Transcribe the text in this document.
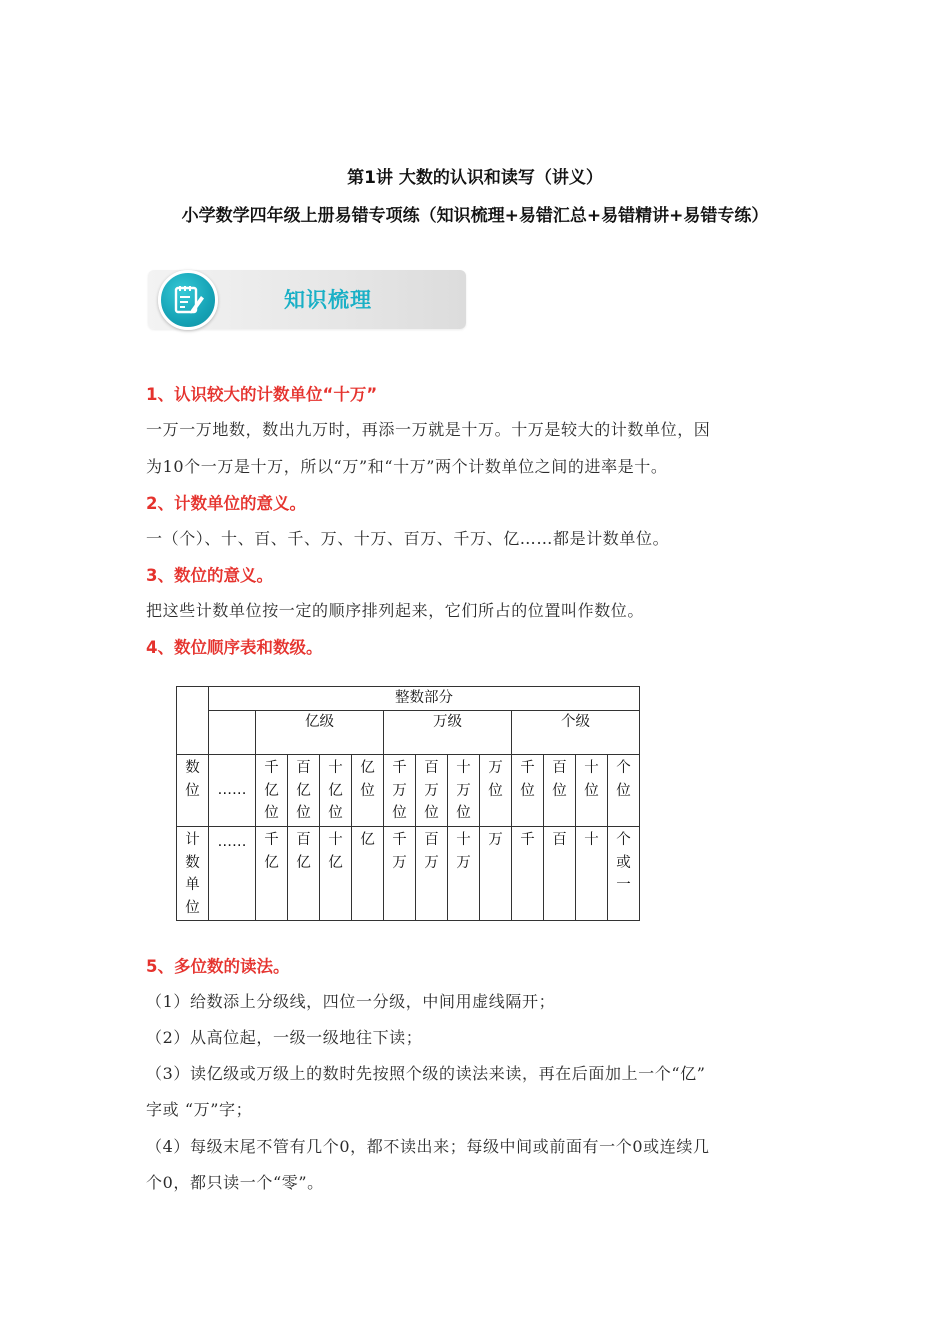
第1讲 大数的认识和读写（讲义）
小学数学四年级上册易错专项练（知识梳理+易错汇总+易错精讲+易错专练）
知识梳理
1、认识较大的计数单位“十万”
一万一万地数，数出九万时，再添一万就是十万。十万是较大的计数单位，因
为10个一万是十万，所以“万”和“十万”两个计数单位之间的进率是十。
2、计数单位的意义。
一（个）、十、百、千、万、十万、百万、千万、亿……都是计数单位。
3、数位的意义。
把这些计数单位按一定的顺序排列起来，它们所占的位置叫作数位。
4、数位顺序表和数级。
	整数部分												
		亿级				万级				个级			
数位	……	千亿位	百亿位	十亿位	亿位	千万位	百万位	十万位	万位	千位	百位	十位	个位
计数单位	……	千亿	百亿	十亿	亿	千万	百万	十万	万	千	百	十	个或一
5、多位数的读法。
（1）给数添上分级线，四位一分级，中间用虚线隔开；
（2）从高位起，一级一级地往下读；
（3）读亿级或万级上的数时先按照个级的读法来读，再在后面加上一个“亿”
字或 “万”字；
（4）每级末尾不管有几个0，都不读出来；每级中间或前面有一个0或连续几
个0，都只读一个“零”。
